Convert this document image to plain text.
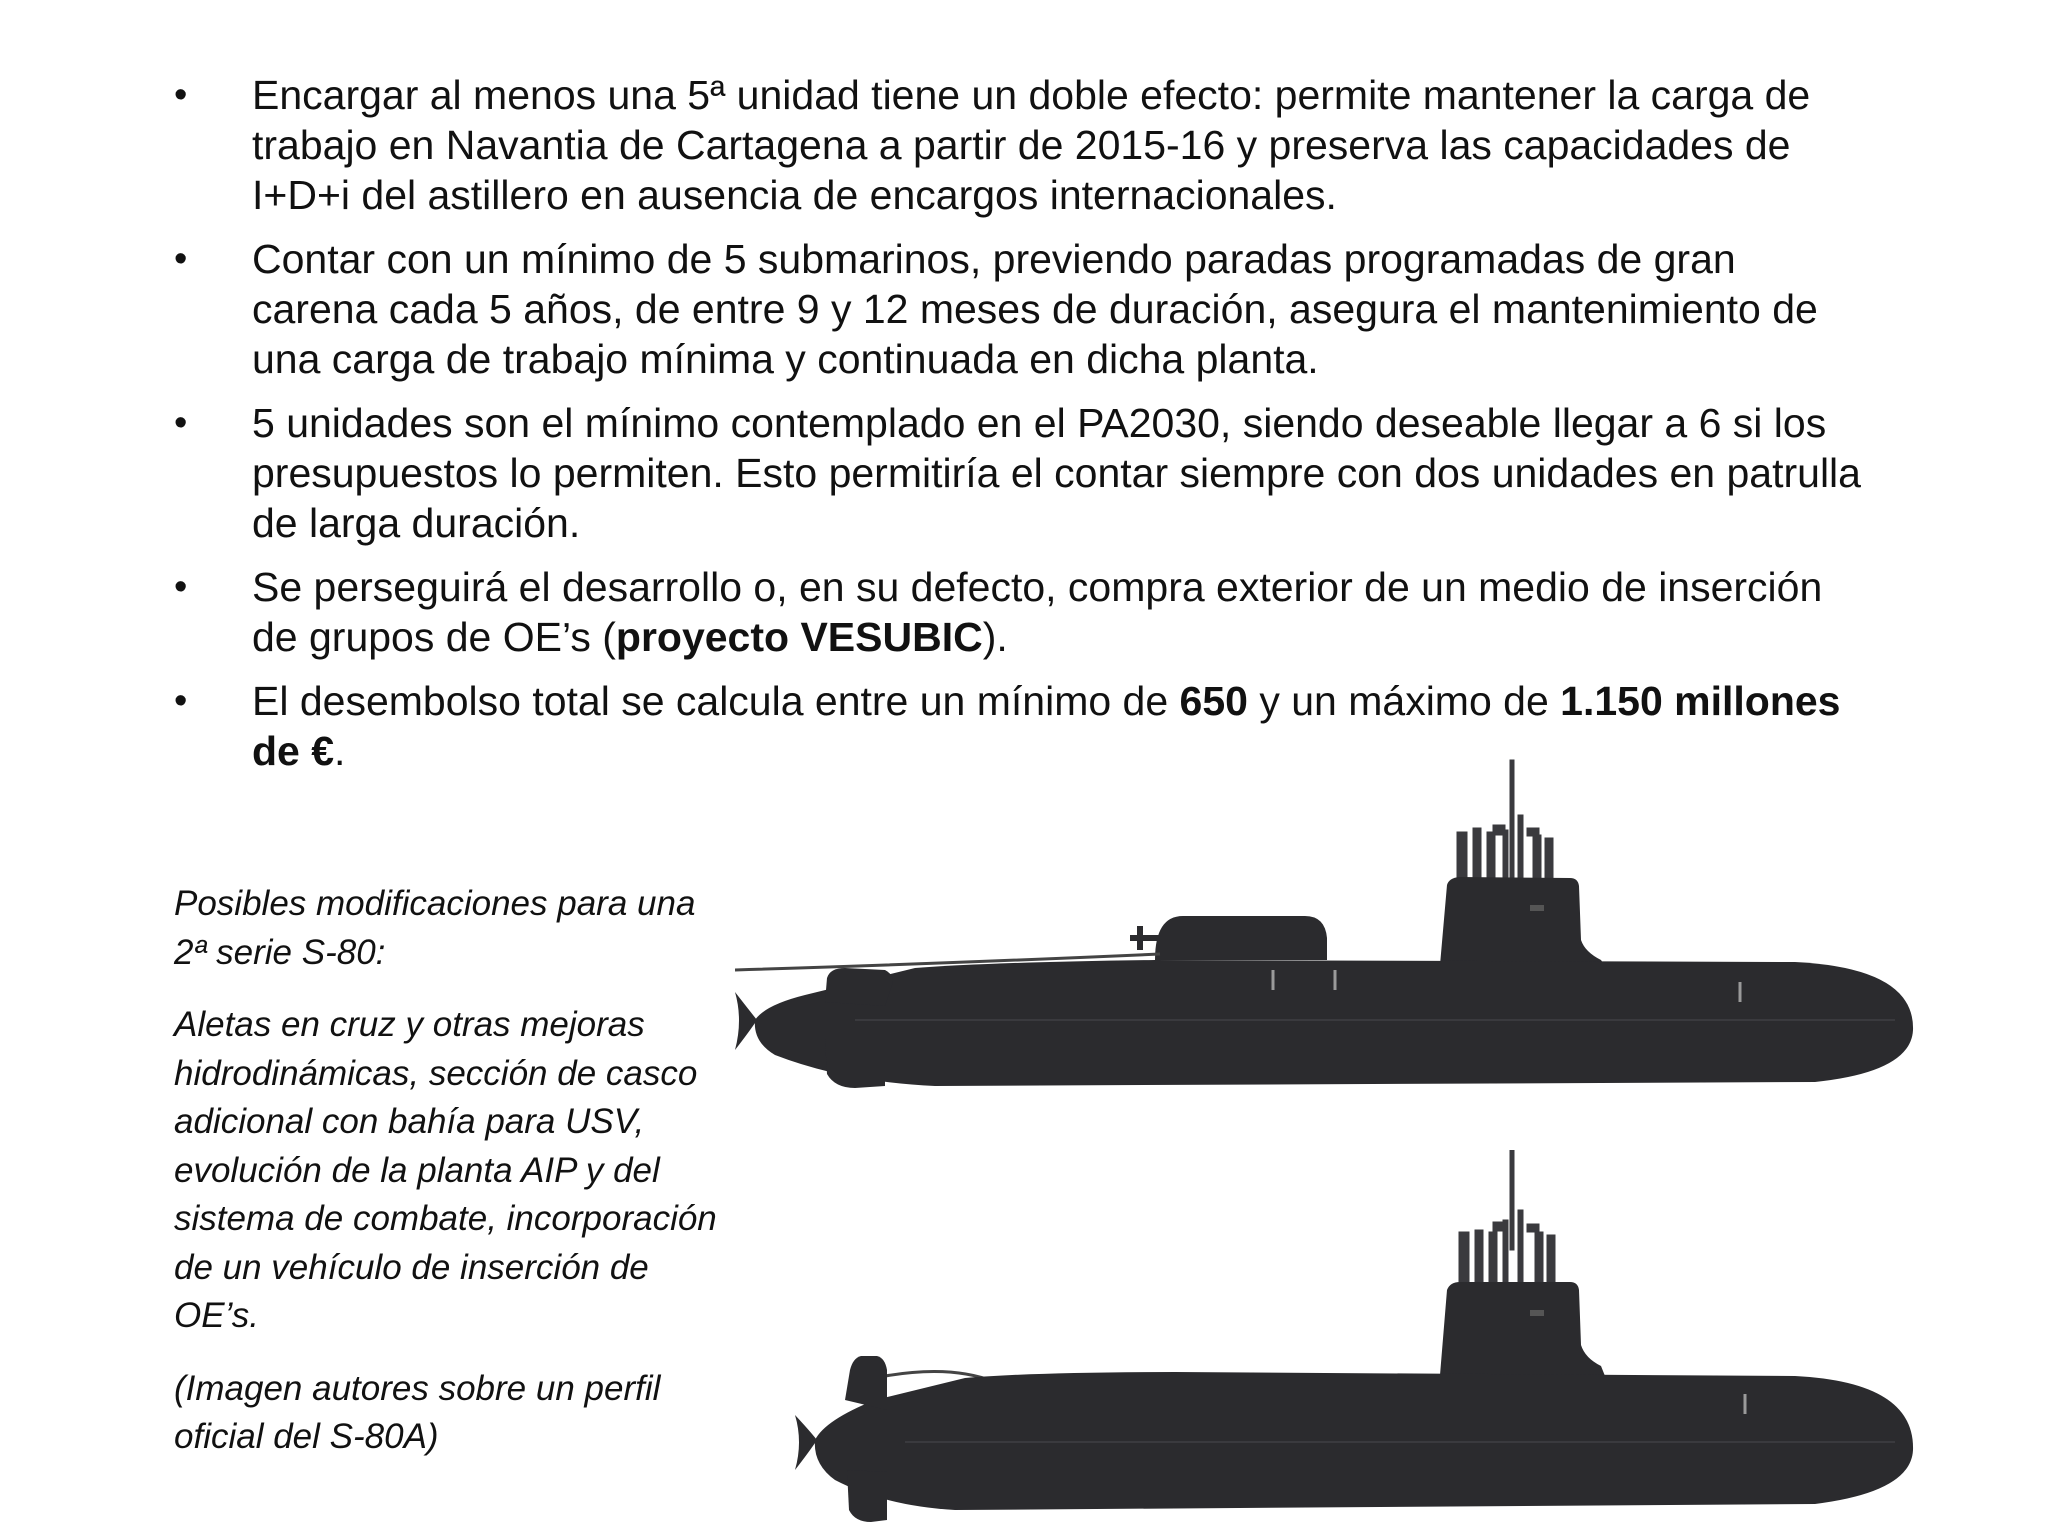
• Encargar al menos una 5ª unidad tiene un doble efecto: permite mantener la carga de trabajo en Navantia de Cartagena a partir de 2015-16 y preserva las capacidades de I+D+i del astillero en ausencia de encargos internacionales.
• Contar con un mínimo de 5 submarinos, previendo paradas programadas de gran carena cada 5 años, de entre 9 y 12 meses de duración, asegura el mantenimiento de una carga de trabajo mínima y continuada en dicha planta.
• 5 unidades son el mínimo contemplado en el PA2030, siendo deseable llegar a 6 si los presupuestos lo permiten. Esto permitiría el contar siempre con dos unidades en patrulla de larga duración.
• Se perseguirá el desarrollo o, en su defecto, compra exterior de un medio de inserción de grupos de OE’s (proyecto VESUBIC).
• El desembolso total se calcula entre un mínimo de 650 y un máximo de 1.150 millones de €.

Posibles modificaciones para una 2ª serie S-80:

Aletas en cruz y otras mejoras hidrodinámicas, sección de casco adicional con bahía para USV, evolución de la planta AIP y del sistema de combate, incorporación de un vehículo de inserción de OE’s.

(Imagen autores sobre un perfil oficial del S-80A)
